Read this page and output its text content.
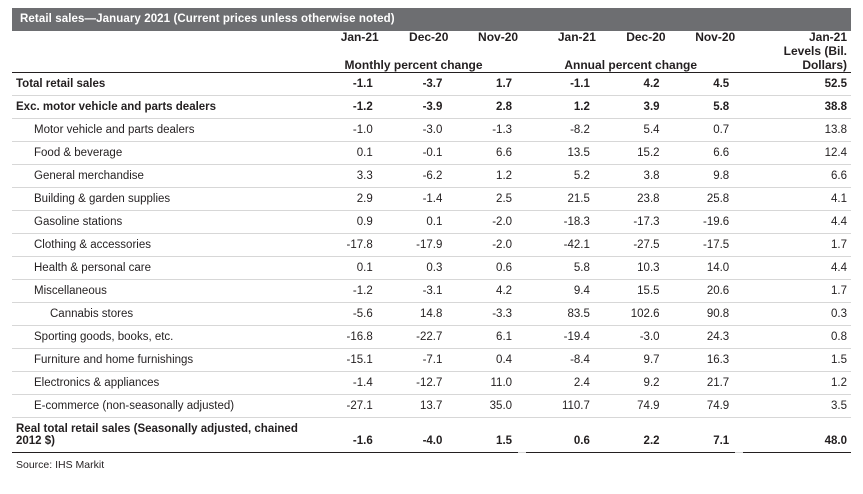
Retail sales—January 2021 (Current prices unless otherwise noted)
	Jan-21	Dec-20	Nov-20		Jan-21	Dec-20	Nov-20		Jan-21
	Monthly percent change				Annual percent change				Levels (Bil. Dollars)
Total retail sales	-1.1	-3.7	1.7		-1.1	4.2	4.5		52.5
Exc. motor vehicle and parts dealers	-1.2	-3.9	2.8		1.2	3.9	5.8		38.8
Motor vehicle and parts dealers	-1.0	-3.0	-1.3		-8.2	5.4	0.7		13.8
Food & beverage	0.1	-0.1	6.6		13.5	15.2	6.6		12.4
General merchandise	3.3	-6.2	1.2		5.2	3.8	9.8		6.6
Building & garden supplies	2.9	-1.4	2.5		21.5	23.8	25.8		4.1
Gasoline stations	0.9	0.1	-2.0		-18.3	-17.3	-19.6		4.4
Clothing & accessories	-17.8	-17.9	-2.0		-42.1	-27.5	-17.5		1.7
Health & personal care	0.1	0.3	0.6		5.8	10.3	14.0		4.4
Miscellaneous	-1.2	-3.1	4.2		9.4	15.5	20.6		1.7
Cannabis stores	-5.6	14.8	-3.3		83.5	102.6	90.8		0.3
Sporting goods, books, etc.	-16.8	-22.7	6.1		-19.4	-3.0	24.3		0.8
Furniture and home furnishings	-15.1	-7.1	0.4		-8.4	9.7	16.3		1.5
Electronics & appliances	-1.4	-12.7	11.0		2.4	9.2	21.7		1.2
E-commerce (non-seasonally adjusted)	-27.1	13.7	35.0		110.7	74.9	74.9		3.5
Real total retail sales (Seasonally adjusted, chained 2012 $)	-1.6	-4.0	1.5		0.6	2.2	7.1		48.0
Source: IHS Markit
